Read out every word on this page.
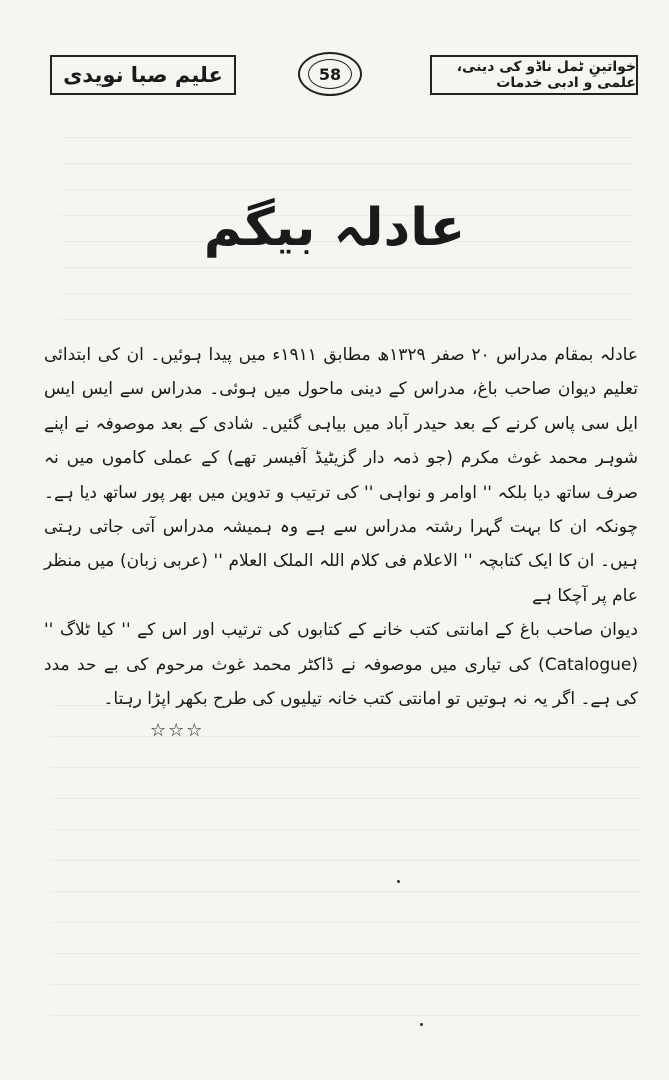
علیم صبا نویدی	58	خواتینِ ٹمل ناڈو کی دینی، علمی و ادبی خدمات
عادلہ بیگم

عادلہ بمقام مدراس ۲۰ صفر ۱۳۲۹ھ مطابق ۱۹۱۱ء میں پیدا ہوئیں۔ ان کی ابتدائی تعلیم دیوان صاحب باغ، مدراس کے دینی ماحول میں ہوئی۔ مدراس سے ایس ایس ایل سی پاس کرنے کے بعد حیدر آباد میں بیاہی گئیں۔ شادی کے بعد موصوفہ نے اپنے شوہر محمد غوث مکرم (جو ذمہ دار گزیٹیڈ آفیسر تھے) کے عملی کاموں میں نہ صرف ساتھ دیا بلکہ '' اوامر و نواہی '' کی ترتیب و تدوین میں بھر پور ساتھ دیا ہے۔ چونکہ ان کا بہت گہرا رشتہ مدراس سے ہے وہ ہمیشہ مدراس آتی جاتی رہتی ہیں۔ ان کا ایک کتابچہ '' الاعلام فی کلام اللہ الملک العلام '' (عربی زبان) میں منظر عام پر آچکا ہے

دیوان صاحب باغ کے امانتی کتب خانے کے کتابوں کی ترتیب اور اس کے '' کیا ٹلاگ '' (Catalogue) کی تیاری میں موصوفہ نے ڈاکٹر محمد غوث مرحوم کی بے حد مدد کی ہے۔ اگر یہ نہ ہوتیں تو امانتی کتب خانہ تیلیوں کی طرح بکھر اپڑا رہتا۔

☆☆☆
